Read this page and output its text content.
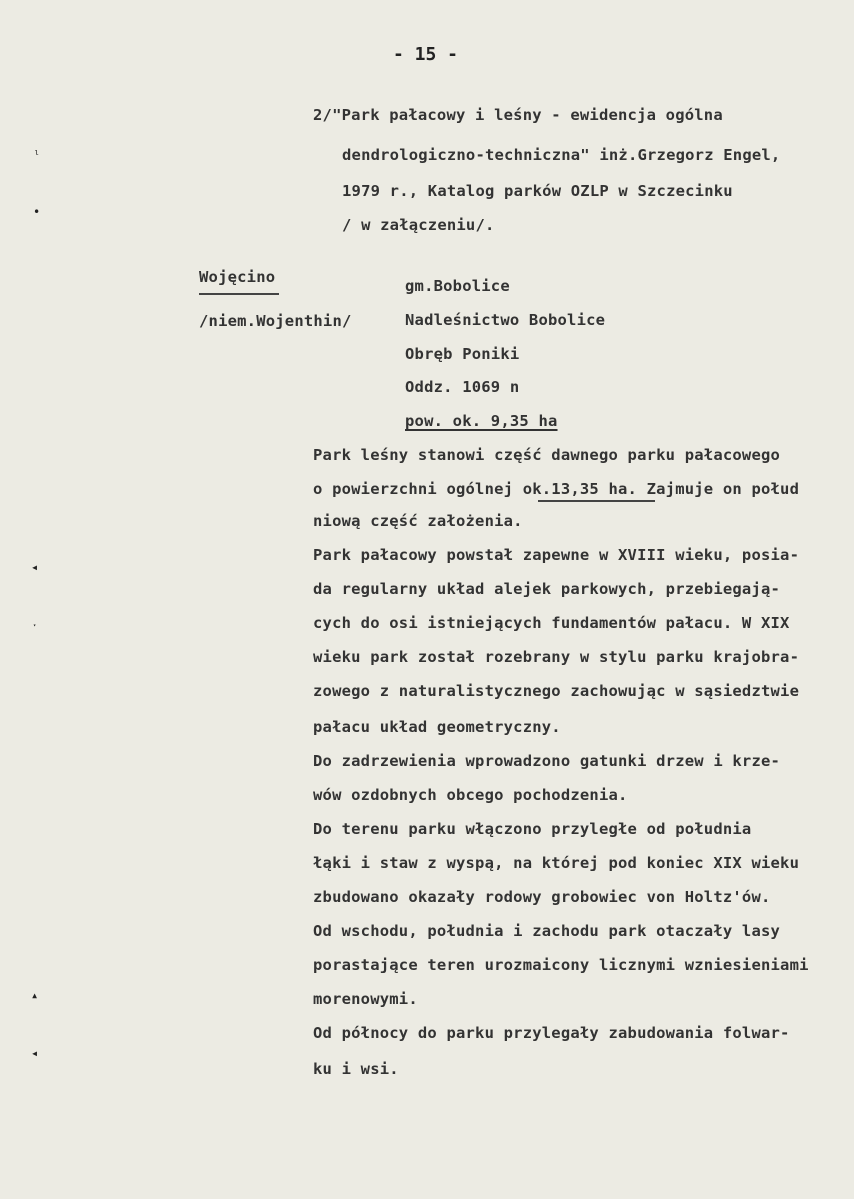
- 15 -
2/"Park pałacowy i leśny - ewidencja ogólna
dendrologiczno-techniczna" inż.Grzegorz Engel,
1979 r., Katalog parków OZLP w Szczecinku
/ w załączeniu/.
Wojęcino
/niem.Wojenthin/
gm.Bobolice
Nadleśnictwo Bobolice
Obręb Poniki
Oddz. 1069 n
pow. ok. 9,35 ha
Park leśny stanowi część dawnego parku pałacowego
o powierzchni ogólnej ok.13,35 ha. Zajmuje on połud
niową część założenia.
Park pałacowy powstał zapewne w XVIII wieku, posia-
da regularny układ alejek parkowych, przebiegają-
cych do osi istniejących fundamentów pałacu. W XIX
wieku park został rozebrany w stylu parku krajobra-
zowego z naturalistycznego zachowując w sąsiedztwie
pałacu układ geometryczny.
Do zadrzewienia wprowadzono gatunki drzew i krze-
wów ozdobnych obcego pochodzenia.
Do terenu parku włączono przyległe od południa
łąki i staw z wyspą, na której pod koniec XIX wieku
zbudowano okazały rodowy grobowiec von Holtz'ów.
Od wschodu, południa i zachodu park otaczały lasy
porastające teren urozmaicony licznymi wzniesieniami
morenowymi.
Od północy do parku przylegały zabudowania folwar-
ku i wsi.
ˡ
•
◂
ˑ
▴
◂
